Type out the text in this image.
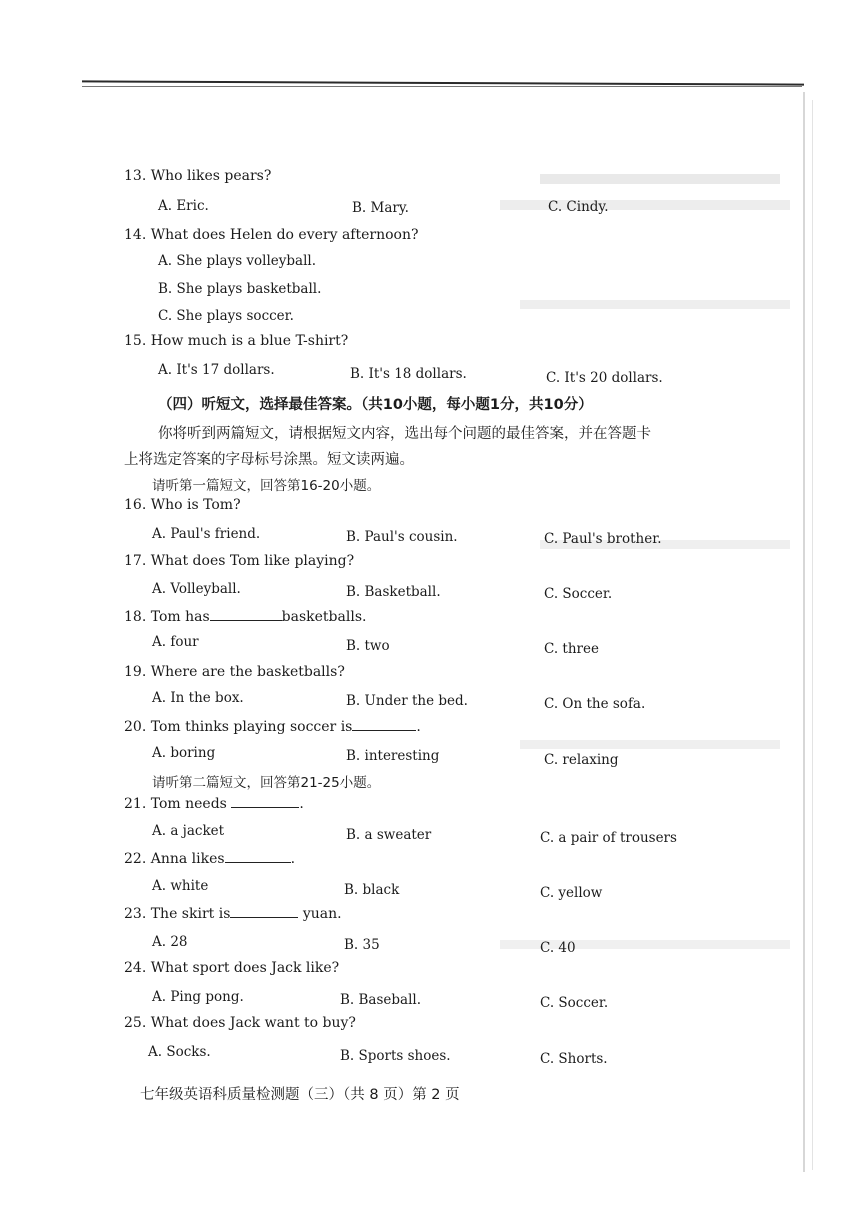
13. Who likes pears?
A. Eric.	B. Mary.	C. Cindy.
14. What does Helen do every afternoon?
A. She plays volleyball.
B. She plays basketball.
C. She plays soccer.
15. How much is a blue T-shirt?
A. It's 17 dollars.	B. It's 18 dollars.	C. It's 20 dollars.
（四）听短文，选择最佳答案。（共10小题，每小题1分，共10分）
你将听到两篇短文，请根据短文内容，选出每个问题的最佳答案，并在答题卡
上将选定答案的字母标号涂黑。短文读两遍。
请听第一篇短文，回答第16-20小题。
16. Who is Tom?
A. Paul's friend.	B. Paul's cousin.	C. Paul's brother.
17. What does Tom like playing?
A. Volleyball.	B. Basketball.	C. Soccer.
18. Tom has	basketballs.
A. four	B. two	C. three
19. Where are the basketballs?
A. In the box.	B. Under the bed.	C. On the sofa.
20. Tom thinks playing soccer is	.
A. boring	B. interesting	C. relaxing
请听第二篇短文，回答第21-25小题。
21. Tom needs	.
A. a jacket	B. a sweater	C. a pair of trousers
22. Anna likes	.
A. white	B. black	C. yellow
23. The skirt is	yuan.
A. 28	B. 35	C. 40
24. What sport does Jack like?
A. Ping pong.	B. Baseball.	C. Soccer.
25. What does Jack want to buy?
A. Socks.	B. Sports shoes.	C. Shorts.
七年级英语科质量检测题（三）（共 8 页）第 2 页
